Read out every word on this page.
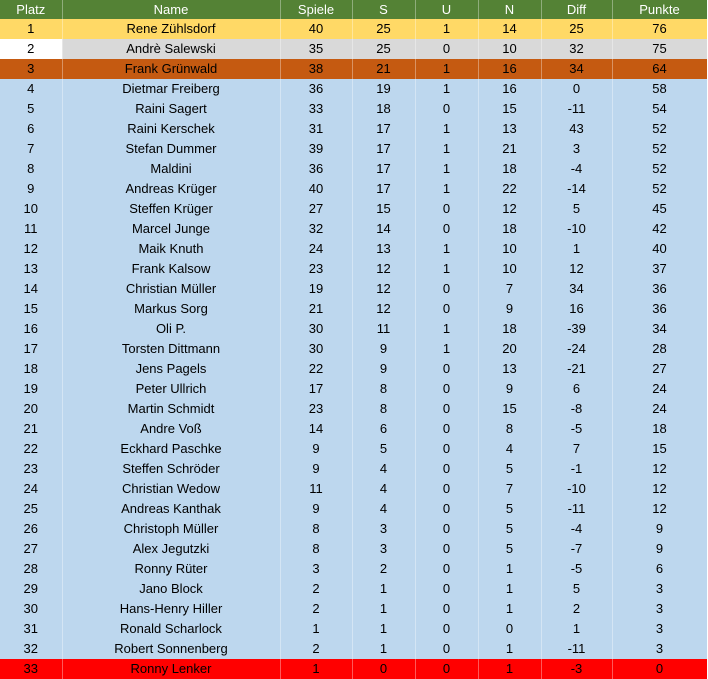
Platz	Name	Spiele	S	U	N	Diff	Punkte
1	Rene Zühlsdorf	40	25	1	14	25	76
2	Andrè Salewski	35	25	0	10	32	75
3	Frank Grünwald	38	21	1	16	34	64
4	Dietmar Freiberg	36	19	1	16	0	58
5	Raini Sagert	33	18	0	15	-11	54
6	Raini Kerschek	31	17	1	13	43	52
7	Stefan Dummer	39	17	1	21	3	52
8	Maldini	36	17	1	18	-4	52
9	Andreas Krüger	40	17	1	22	-14	52
10	Steffen Krüger	27	15	0	12	5	45
11	Marcel Junge	32	14	0	18	-10	42
12	Maik Knuth	24	13	1	10	1	40
13	Frank Kalsow	23	12	1	10	12	37
14	Christian Müller	19	12	0	7	34	36
15	Markus Sorg	21	12	0	9	16	36
16	Oli P.	30	11	1	18	-39	34
17	Torsten Dittmann	30	9	1	20	-24	28
18	Jens Pagels	22	9	0	13	-21	27
19	Peter Ullrich	17	8	0	9	6	24
20	Martin Schmidt	23	8	0	15	-8	24
21	Andre Voß	14	6	0	8	-5	18
22	Eckhard Paschke	9	5	0	4	7	15
23	Steffen Schröder	9	4	0	5	-1	12
24	Christian Wedow	11	4	0	7	-10	12
25	Andreas Kanthak	9	4	0	5	-11	12
26	Christoph Müller	8	3	0	5	-4	9
27	Alex Jegutzki	8	3	0	5	-7	9
28	Ronny Rüter	3	2	0	1	-5	6
29	Jano Block	2	1	0	1	5	3
30	Hans-Henry Hiller	2	1	0	1	2	3
31	Ronald Scharlock	1	1	0	0	1	3
32	Robert Sonnenberg	2	1	0	1	-11	3
33	Ronny Lenker	1	0	0	1	-3	0
